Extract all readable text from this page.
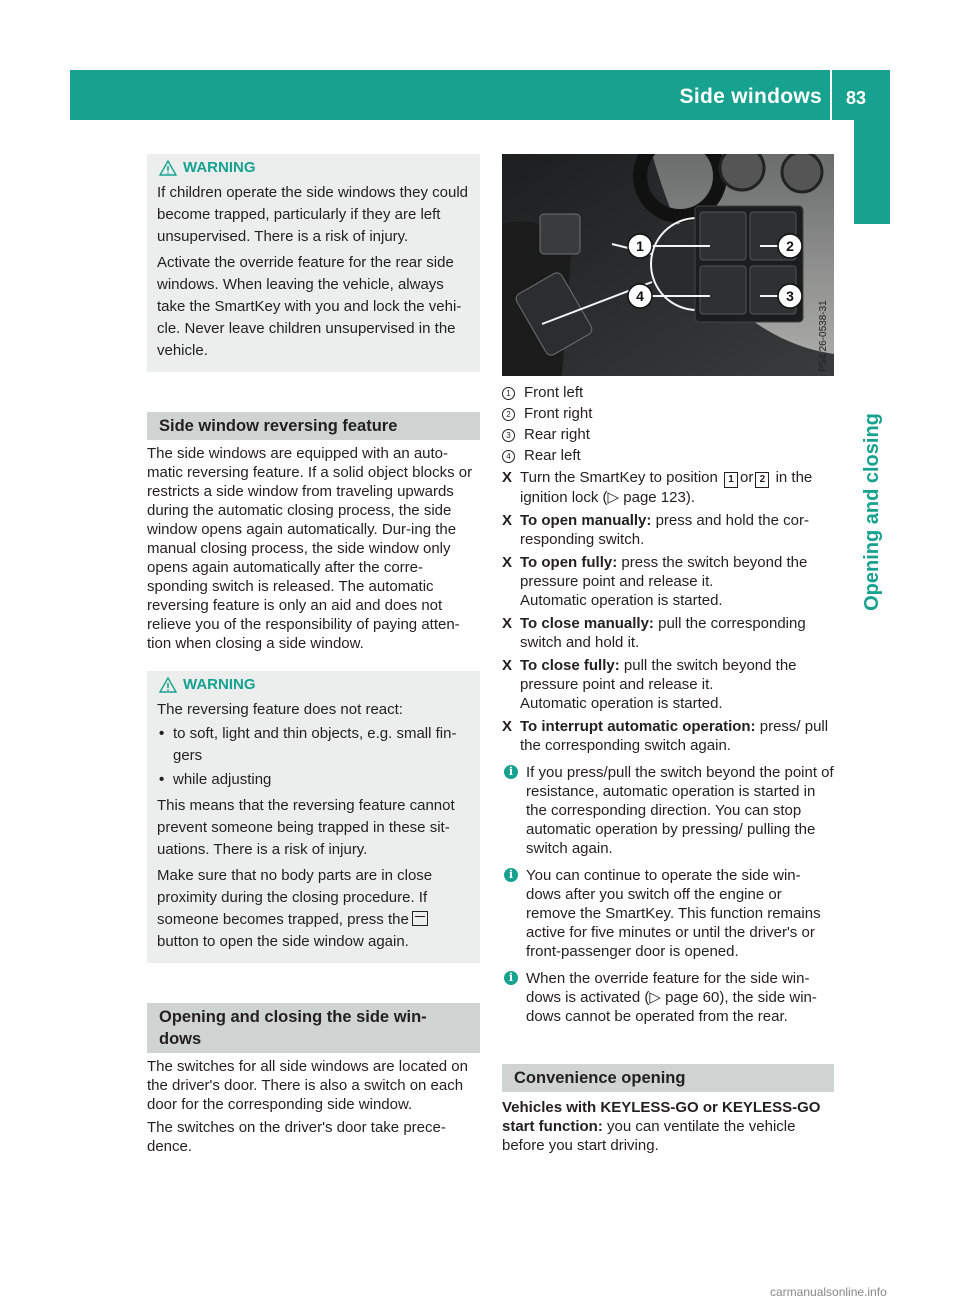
Side windows 83
Opening and closing
WARNING

If children operate the side windows they could become trapped, particularly if they are left unsupervised. There is a risk of injury.

Activate the override feature for the rear side windows. When leaving the vehicle, always take the SmartKey with you and lock the vehi-cle. Never leave children unsupervised in the vehicle.

Side window reversing feature

The side windows are equipped with an auto-matic reversing feature. If a solid object blocks or restricts a side window from traveling upwards during the automatic closing process, the side window opens again automatically. Dur-ing the manual closing process, the side window only opens again automatically after the corre-sponding switch is released. The automatic reversing feature is only an aid and does not relieve you of the responsibility of paying atten-tion when closing a side window.

WARNING

The reversing feature does not react:

• to soft, light and thin objects, e.g. small fin-gers
• while adjusting

This means that the reversing feature cannot prevent someone being trapped in these sit-uations. There is a risk of injury.

Make sure that no body parts are in close proximity during the closing procedure. If someone becomes trapped, press the
button to open the side window again.

Opening and closing the side win-dows

The switches for all side windows are located on the driver's door. There is also a switch on each door for the corresponding side window.

The switches on the driver's door take prece-dence.

1	2
3
4
P54.26-0538-31
1 Front left
2 Front right
3 Rear right
4 Rear left
X Turn the SmartKey to position 1 or 2 in the ignition lock (▷ page 123).
X To open manually: press and hold the cor-responding switch.
X To open fully: press the switch beyond the pressure point and release it.
Automatic operation is started.
X To close manually: pull the corresponding switch and hold it.
X To close fully: pull the switch beyond the pressure point and release it.
Automatic operation is started.
X To interrupt automatic operation: press/ pull the corresponding switch again.
i If you press/pull the switch beyond the point of resistance, automatic operation is started in the corresponding direction. You can stop automatic operation by pressing/ pulling the switch again.
i You can continue to operate the side win-dows after you switch off the engine or remove the SmartKey. This function remains active for five minutes or until the driver's or front-passenger door is opened.
i When the override feature for the side win-dows is activated (▷ page 60), the side win-dows cannot be operated from the rear.
Convenience opening

Vehicles with KEYLESS-GO or KEYLESS-GO start function: you can ventilate the vehicle before you start driving.

carmanualsonline.info
